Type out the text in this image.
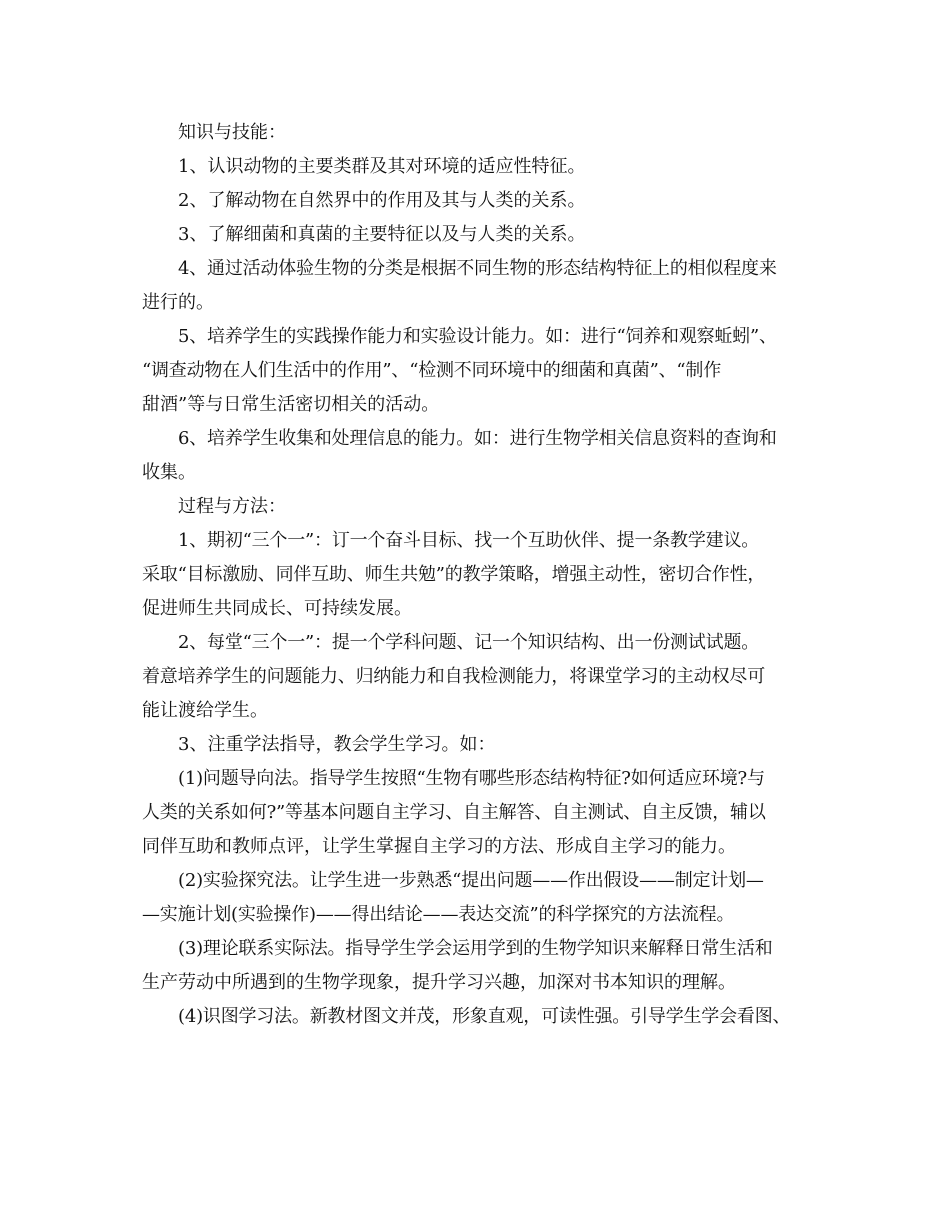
知识与技能：
1、认识动物的主要类群及其对环境的适应性特征。
2、了解动物在自然界中的作用及其与人类的关系。
3、了解细菌和真菌的主要特征以及与人类的关系。
4、通过活动体验生物的分类是根据不同生物的形态结构特征上的相似程度来
进行的。
5、培养学生的实践操作能力和实验设计能力。如：进行“饲养和观察蚯蚓”、
“调查动物在人们生活中的作用”、“检测不同环境中的细菌和真菌”、“制作
甜酒”等与日常生活密切相关的活动。
6、培养学生收集和处理信息的能力。如：进行生物学相关信息资料的查询和
收集。
过程与方法：
1、期初“三个一”：订一个奋斗目标、找一个互助伙伴、提一条教学建议。
采取“目标激励、同伴互助、师生共勉”的教学策略，增强主动性，密切合作性，
促进师生共同成长、可持续发展。
2、每堂“三个一”：提一个学科问题、记一个知识结构、出一份测试试题。
着意培养学生的问题能力、归纳能力和自我检测能力，将课堂学习的主动权尽可
能让渡给学生。
3、注重学法指导，教会学生学习。如：
(1)问题导向法。指导学生按照“生物有哪些形态结构特征?如何适应环境?与
人类的关系如何?”等基本问题自主学习、自主解答、自主测试、自主反馈，辅以
同伴互助和教师点评，让学生掌握自主学习的方法、形成自主学习的能力。
(2)实验探究法。让学生进一步熟悉“提出问题——作出假设——制定计划—
—实施计划(实验操作)——得出结论——表达交流”的科学探究的方法流程。
(3)理论联系实际法。指导学生学会运用学到的生物学知识来解释日常生活和
生产劳动中所遇到的生物学现象，提升学习兴趣，加深对书本知识的理解。
(4)识图学习法。新教材图文并茂，形象直观，可读性强。引导学生学会看图、
